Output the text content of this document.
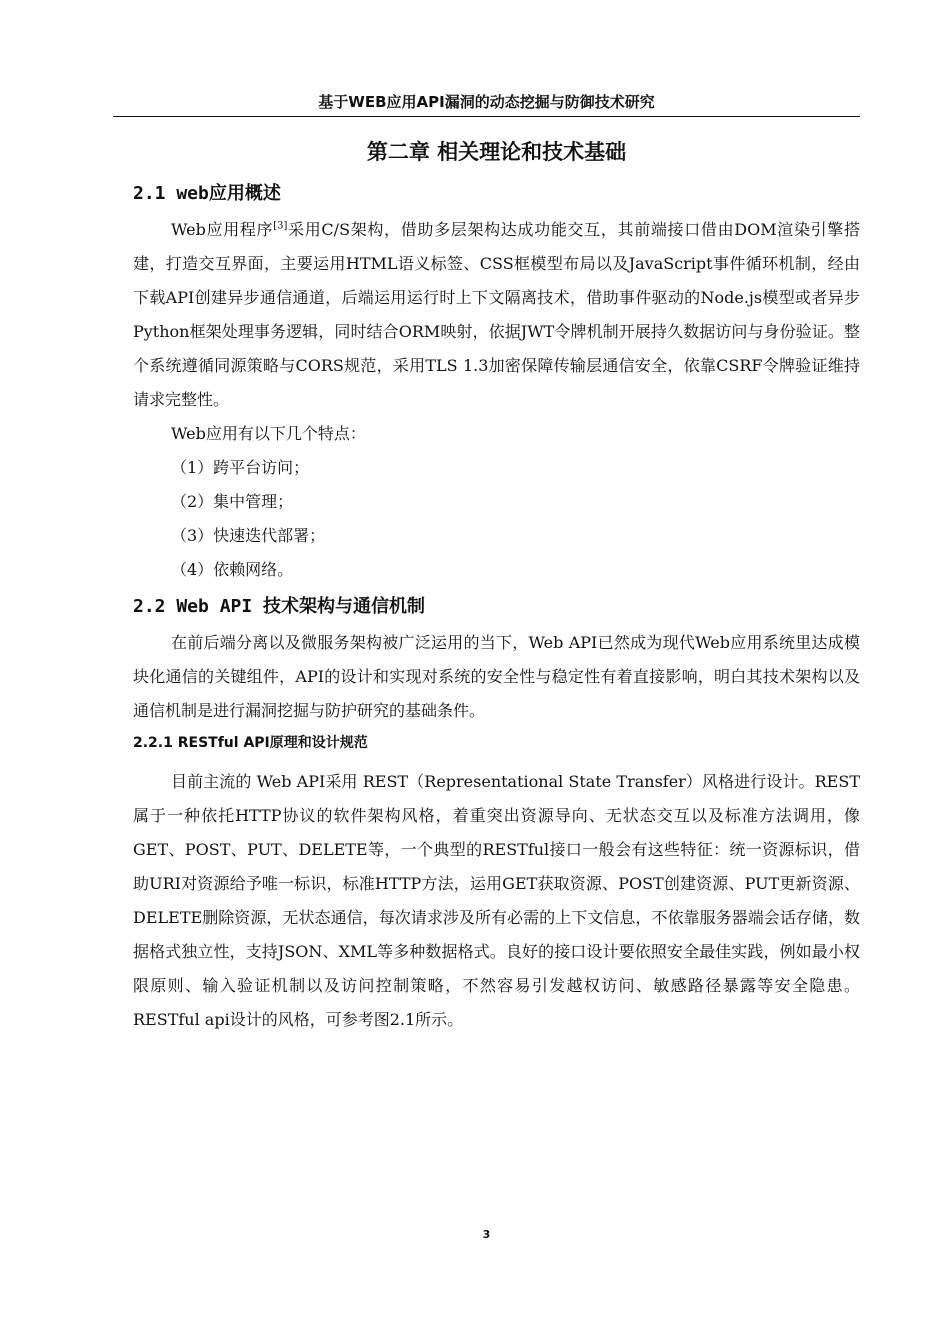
基于WEB应用API漏洞的动态挖掘与防御技术研究
第二章 相关理论和技术基础
2.1 web应用概述

Web应用程序[3]采用C/S架构，借助多层架构达成功能交互，其前端接口借由DOM渲染引擎搭建，打造交互界面，主要运用HTML语义标签、CSS框模型布局以及JavaScript事件循环机制，经由下载API创建异步通信通道，后端运用运行时上下文隔离技术，借助事件驱动的Node.js模型或者异步Python框架处理事务逻辑，同时结合ORM映射，依据JWT令牌机制开展持久数据访问与身份验证。整个系统遵循同源策略与CORS规范，采用TLS 1.3加密保障传输层通信安全，依靠CSRF令牌验证维持请求完整性。

Web应用有以下几个特点：

（1）跨平台访问；

（2）集中管理；

（3）快速迭代部署；

（4）依赖网络。

2.2 Web API 技术架构与通信机制

在前后端分离以及微服务架构被广泛运用的当下，Web API已然成为现代Web应用系统里达成模块化通信的关键组件，API的设计和实现对系统的安全性与稳定性有着直接影响，明白其技术架构以及通信机制是进行漏洞挖掘与防护研究的基础条件。

2.2.1 RESTful API原理和设计规范

目前主流的 Web API采用 REST（Representational State Transfer）风格进行设计。REST属于一种依托HTTP协议的软件架构风格，着重突出资源导向、无状态交互以及标准方法调用，像GET、POST、PUT、DELETE等，一个典型的RESTful接口一般会有这些特征：统一资源标识，借助URI对资源给予唯一标识，标准HTTP方法，运用GET获取资源、POST创建资源、PUT更新资源、DELETE删除资源，无状态通信，每次请求涉及所有必需的上下文信息，不依靠服务器端会话存储，数据格式独立性，支持JSON、XML等多种数据格式。良好的接口设计要依照安全最佳实践，例如最小权限原则、输入验证机制以及访问控制策略，不然容易引发越权访问、敏感路径暴露等安全隐患。RESTful api设计的风格，可参考图2.1所示。

3
